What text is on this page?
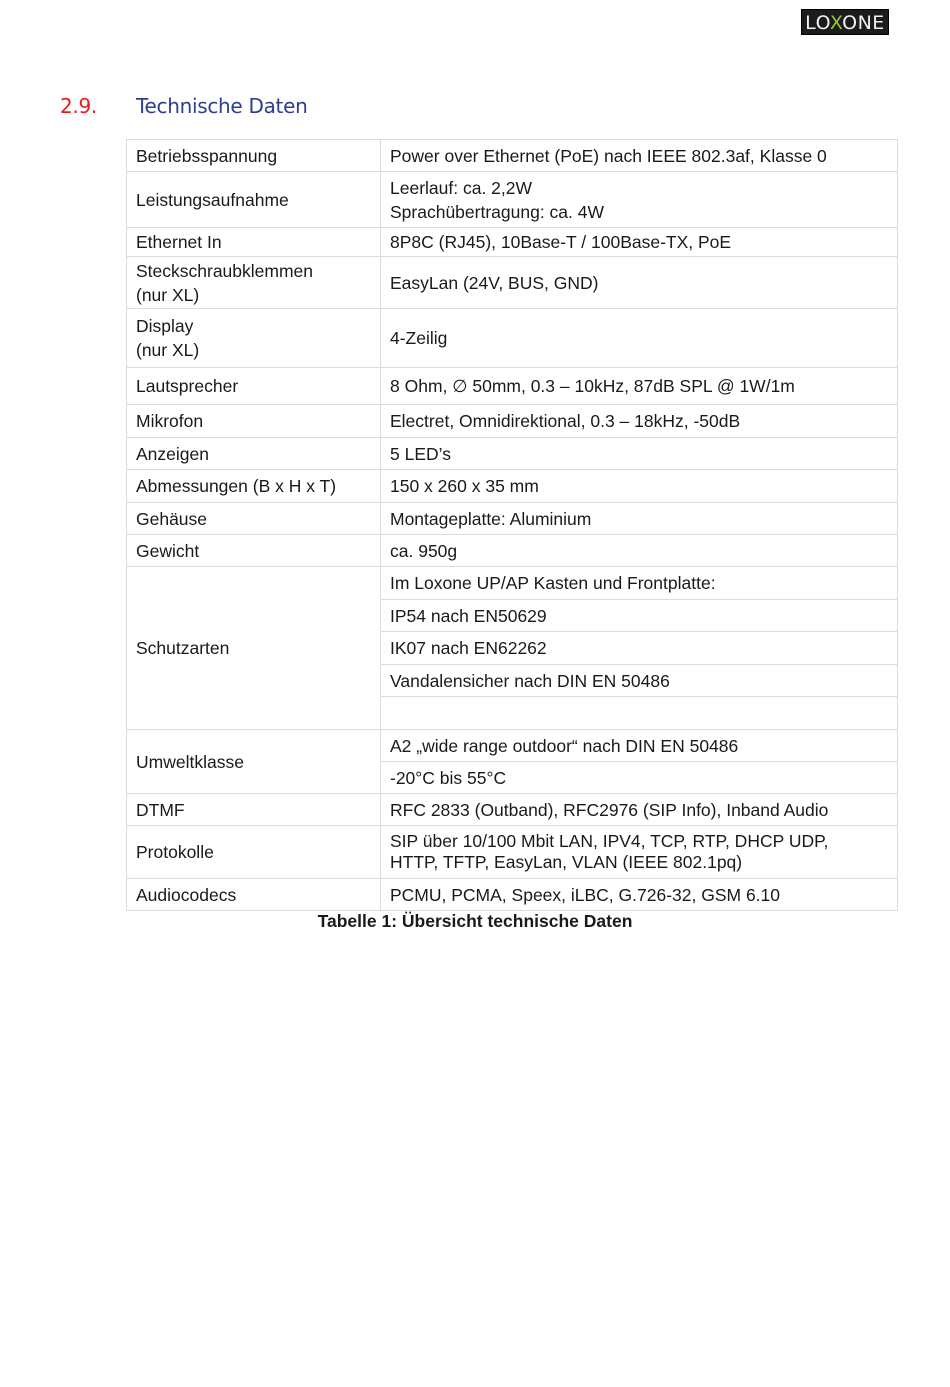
LOXONE
2.9. Technische Daten
Betriebsspannung	Power over Ethernet (PoE) nach IEEE 802.3af, Klasse 0
Leistungsaufnahme	Leerlauf: ca. 2,2W
Sprachübertragung: ca. 4W

Ethernet In	8P8C (RJ45), 10Base-T / 100Base-TX, PoE

Steckschraubklemmen
(nur XL)	EasyLan (24V, BUS, GND)

Display
(nur XL)	4-Zeilig
Lautsprecher	8 Ohm, ∅ 50mm, 0.3 – 10kHz, 87dB SPL @ 1W/1m
Mikrofon	Electret, Omnidirektional, 0.3 – 18kHz, -50dB
Anzeigen	5 LED’s
Abmessungen (B x H x T)	150 x 260 x 35 mm
Gehäuse	Montageplatte: Aluminium
Gewicht	ca. 950g
Schutzarten	Im Loxone UP/AP Kasten und Frontplatte:
	IP54 nach EN50629
	IK07 nach EN62262
	Vandalensicher nach DIN EN 50486

Umweltklasse	A2 „wide range outdoor“ nach DIN EN 50486
	-20°C bis 55°C
DTMF	RFC 2833 (Outband), RFC2976 (SIP Info), Inband Audio
Protokolle	SIP über 10/100 Mbit LAN, IPV4, TCP, RTP, DHCP UDP,
HTTP, TFTP, EasyLan, VLAN (IEEE 802.1pq)

Audiocodecs	PCMU, PCMA, Speex, iLBC, G.726-32, GSM 6.10
Tabelle 1: Übersicht technische Daten
